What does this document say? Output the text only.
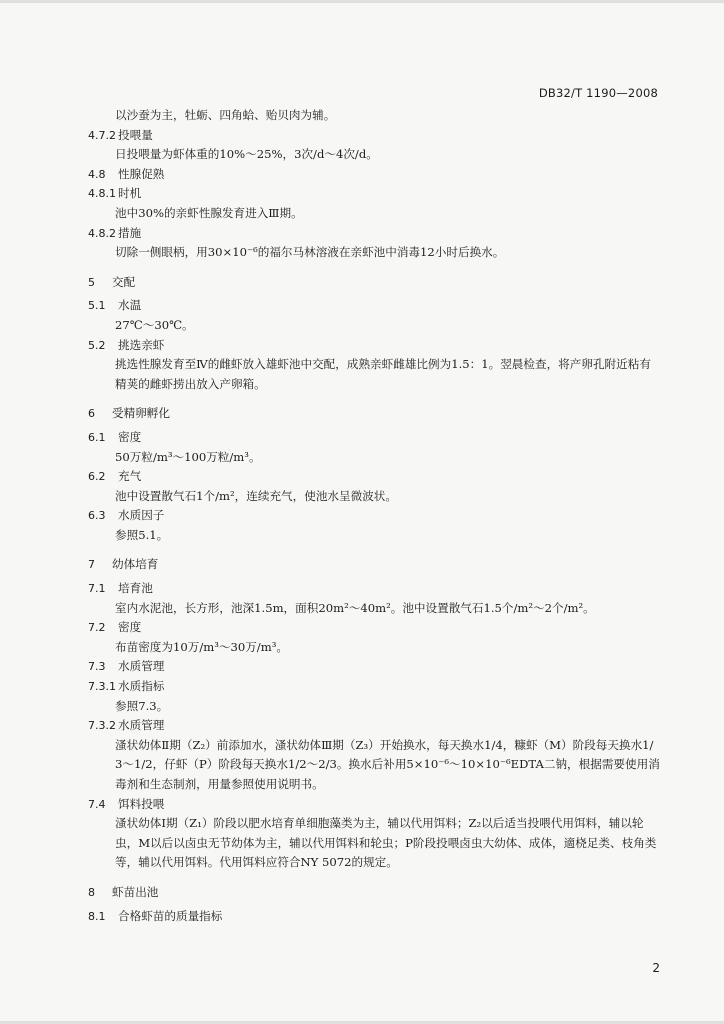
DB32/T 1190—2008
以沙蚕为主，牡蛎、四角蛤、贻贝肉为辅。
4.7.2 投喂量
日投喂量为虾体重的10%～25%，3次/d～4次/d。
4.8	性腺促熟
4.8.1 时机
池中30%的亲虾性腺发育进入Ⅲ期。
4.8.2 措施
切除一侧眼柄，用30×10⁻⁶的福尔马林溶液在亲虾池中消毒12小时后换水。
5	交配
5.1	水温
27℃～30℃。
5.2	挑选亲虾
挑选性腺发育至Ⅳ的雌虾放入雄虾池中交配，成熟亲虾雌雄比例为1.5：1。翌晨检查，将产卵孔附近粘有精荚的雌虾捞出放入产卵箱。
6	受精卵孵化
6.1	密度
50万粒/m³～100万粒/m³。
6.2	充气
池中设置散气石1个/m²，连续充气，使池水呈微波状。
6.3	水质因子
参照5.1。
7	幼体培育
7.1	培育池
室内水泥池，长方形，池深1.5m，面积20m²～40m²。池中设置散气石1.5个/m²～2个/m²。
7.2	密度
布苗密度为10万/m³～30万/m³。
7.3	水质管理
7.3.1 水质指标
参照7.3。
7.3.2 水质管理
溞状幼体Ⅱ期（Z₂）前添加水，溞状幼体Ⅲ期（Z₃）开始换水，每天换水1/4，糠虾（M）阶段每天换水1/3～1/2，仔虾（P）阶段每天换水1/2～2/3。换水后补用5×10⁻⁶～10×10⁻⁶EDTA二钠，根据需要使用消毒剂和生态制剂，用量参照使用说明书。
7.4	饵料投喂
溞状幼体Ⅰ期（Z₁）阶段以肥水培育单细胞藻类为主，辅以代用饵料；Z₂以后适当投喂代用饵料，辅以轮虫，M以后以卤虫无节幼体为主，辅以代用饵料和轮虫；P阶段投喂卤虫大幼体、成体，適桡足类、枝角类等，辅以代用饵料。代用饵料应符合NY 5072的规定。
8	虾苗出池
8.1	合格虾苗的质量指标
2
